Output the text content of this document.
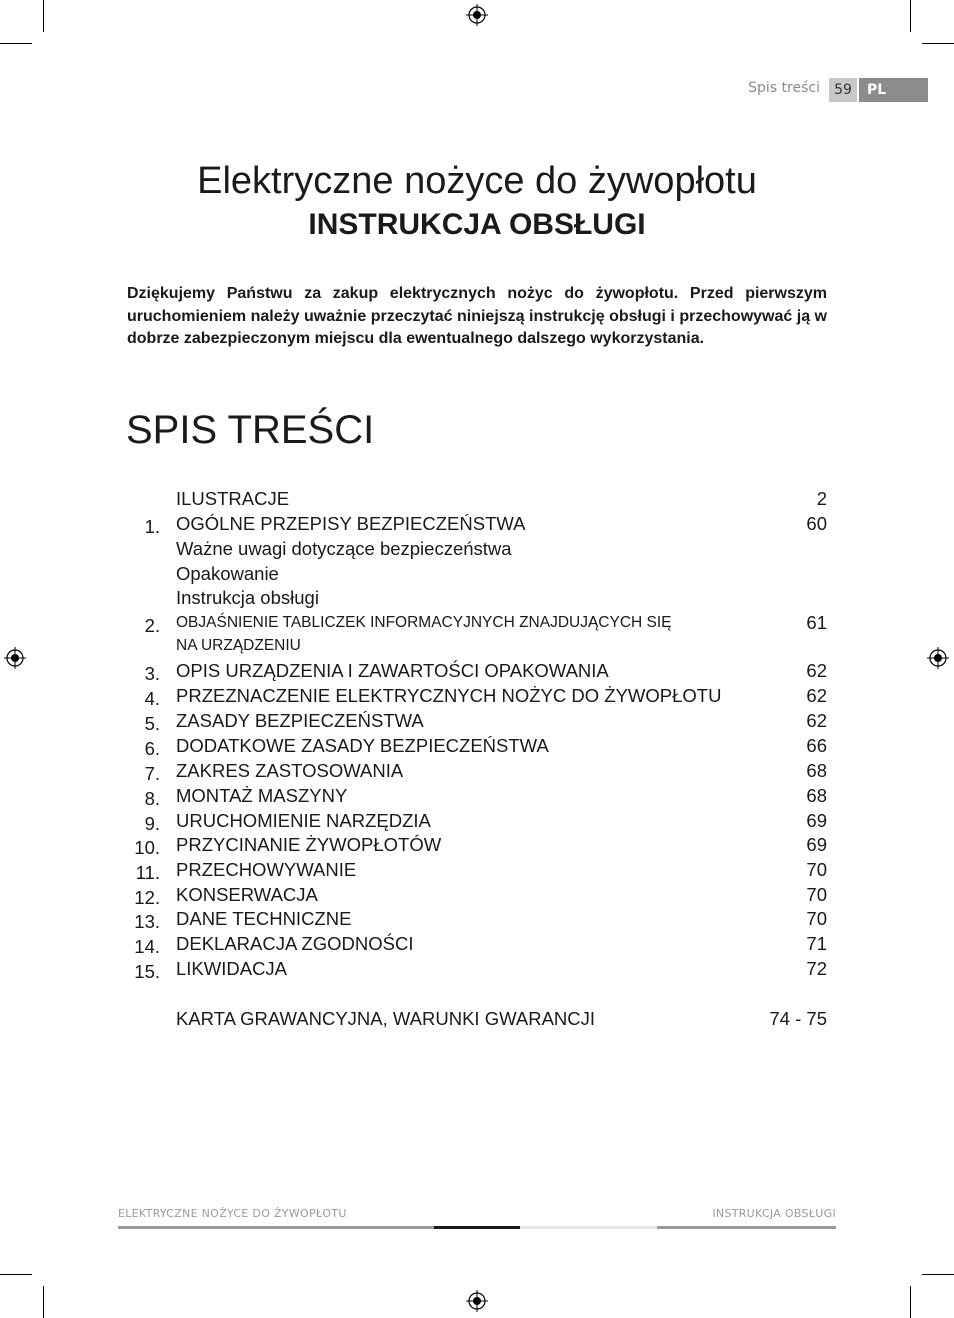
Spis treści	59	PL
Elektryczne nożyce do żywopłotu
INSTRUKCJA OBSŁUGI
Dziękujemy Państwu za zakup elektrycznych nożyc do żywopłotu. Przed pierwszym uruchomieniem należy uważnie przeczytać niniejszą instrukcję obsługi i przechowywać ją w dobrze zabezpieczonym miejscu dla ewentualnego dalszego wykorzystania.
SPIS TREŚCI
ILUSTRACJE	2
1. OGÓLNE PRZEPISY BEZPIECZEŃSTWA	60
Ważne uwagi dotyczące bezpieczeństwa
Opakowanie
Instrukcja obsługi
2. OBJAŚNIENIE TABLICZEK INFORMACYJNYCH ZNAJDUJĄCYCH SIĘ	61
NA URZĄDZENIU
3. OPIS URZĄDZENIA I ZAWARTOŚCI OPAKOWANIA	62
4. PRZEZNACZENIE ELEKTRYCZNYCH NOŻYC DO ŻYWOPŁOTU	62
5. ZASADY BEZPIECZEŃSTWA	62
6. DODATKOWE ZASADY BEZPIECZEŃSTWA	66
7. ZAKRES ZASTOSOWANIA	68
8. MONTAŻ MASZYNY	68
9. URUCHOMIENIE NARZĘDZIA	69
10. PRZYCINANIE ŻYWOPŁOTÓW	69
11. PRZECHOWYWANIE	70
12. KONSERWACJA	70
13. DANE TECHNICZNE	70
14. DEKLARACJA ZGODNOŚCI	71
15. LIKWIDACJA	72
KARTA GRAWANCYJNA, WARUNKI GWARANCJI	74 - 75
ELEKTRYCZNE NOŻYCE DO ŻYWOPŁOTU	INSTRUKCJA OBSŁUGI
